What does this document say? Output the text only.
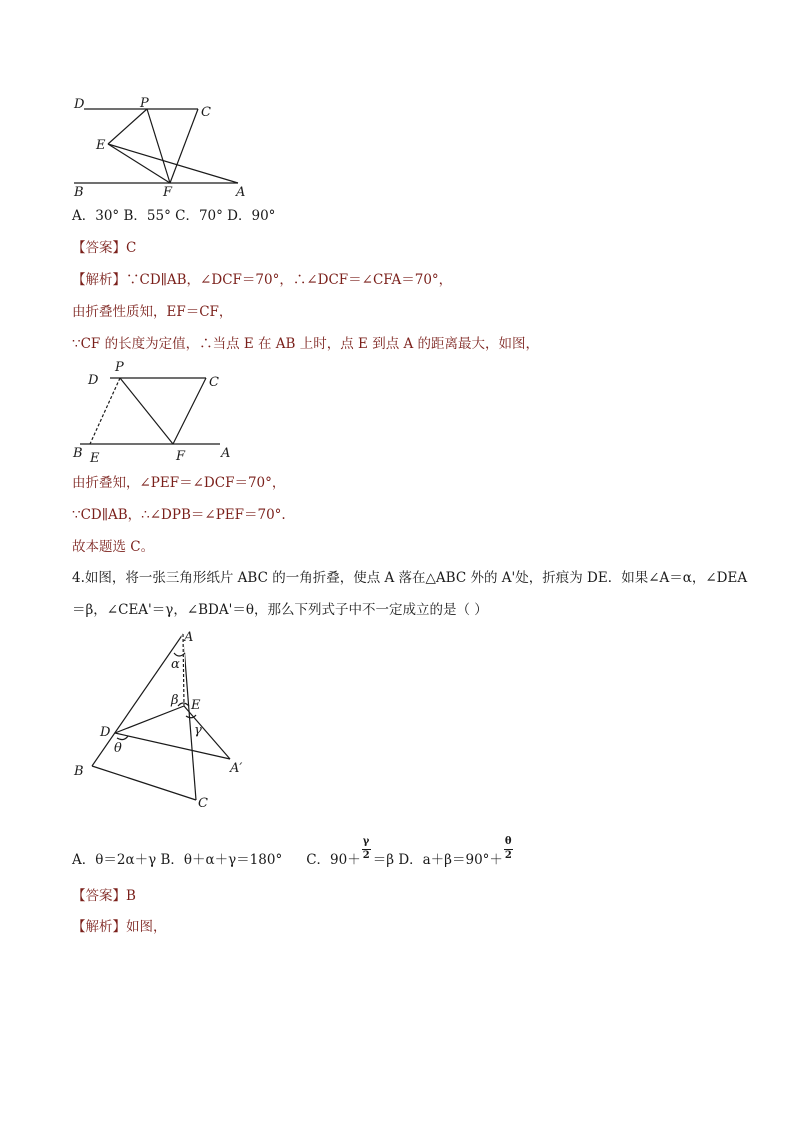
D	P
C
E
B	F	A
A．30° B．55° C．70° D．90°
【答案】C
【解析】∵CD∥AB，∠DCF＝70°，∴∠DCF＝∠CFA＝70°，
由折叠性质知，EF＝CF，
∵CF 的长度为定值，∴当点 E 在 AB 上时，点 E 到点 A 的距离最大，如图，
D
P
C
B E	F	A
由折叠知，∠PEF＝∠DCF＝70°，
∵CD∥AB，∴∠DPB＝∠PEF＝70°.
故本题选 C。
4.如图，将一张三角形纸片 ABC 的一角折叠，使点 A 落在△ABC 外的 A'处，折痕为 DE．如果∠A＝α，∠DEA
＝β，∠CEA'＝γ，∠BDA'＝θ，那么下列式子中不一定成立的是（ ）
A
α
β E
γ
D
θ
A′
B
C
A．θ＝2α＋γ B．θ＋α＋γ＝180° C．$90+ \frac{\gamma}{2} =\beta$ D．$a+\beta=90^\circ+ \frac{\theta}{2}$
【答案】B
【解析】如图，
